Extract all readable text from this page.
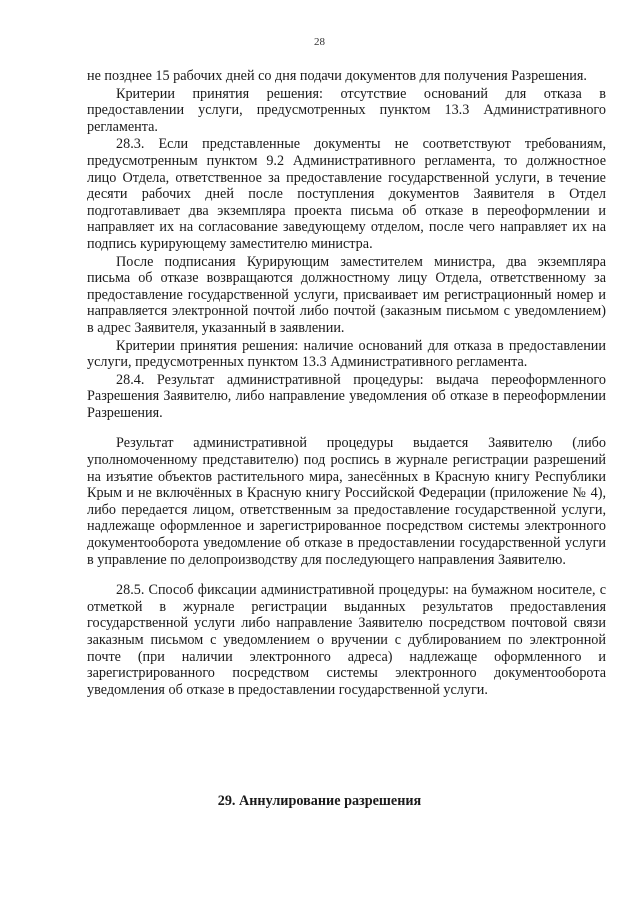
28

не позднее 15 рабочих дней со дня подачи документов для получения Разрешения.

Критерии принятия решения: отсутствие оснований для отказа в предоставлении услуги, предусмотренных пунктом 13.3 Административного регламента.

28.3. Если представленные документы не соответствуют требованиям, предусмотренным пунктом 9.2 Административного регламента, то должностное лицо Отдела, ответственное за предоставление государственной услуги, в течение десяти рабочих дней после поступления документов Заявителя в Отдел подготавливает два экземпляра проекта письма об отказе в переоформлении и направляет их на согласование заведующему отделом, после чего направляет их на подпись курирующему заместителю министра.

После подписания Курирующим заместителем министра, два экземпляра письма об отказе возвращаются должностному лицу Отдела, ответственному за предоставление государственной услуги, присваивает им регистрационный номер и направляется электронной почтой либо почтой (заказным письмом с уведомлением) в адрес Заявителя, указанный в заявлении.

Критерии принятия решения: наличие оснований для отказа в предоставлении услуги, предусмотренных пунктом 13.3 Административного регламента.

28.4. Результат административной процедуры: выдача переоформленного Разрешения Заявителю, либо направление уведомления об отказе в переоформлении Разрешения.

Результат административной процедуры выдается Заявителю (либо уполномоченному представителю) под роспись в журнале регистрации разрешений на изъятие объектов растительного мира, занесённых в Красную книгу Республики Крым и не включённых в Красную книгу Российской Федерации (приложение № 4), либо передается лицом, ответственным за предоставление государственной услуги, надлежаще оформленное и зарегистрированное посредством системы электронного документооборота уведомление об отказе в предоставлении государственной услуги в управление по делопроизводству для последующего направления Заявителю.

28.5. Способ фиксации административной процедуры: на бумажном носителе, с отметкой в журнале регистрации выданных результатов предоставления государственной услуги либо направление Заявителю посредством почтовой связи заказным письмом с уведомлением о вручении с дублированием по электронной почте (при наличии электронного адреса) надлежаще оформленного и зарегистрированного посредством системы электронного документооборота уведомления об отказе в предоставлении государственной услуги.

29. Аннулирование разрешения
